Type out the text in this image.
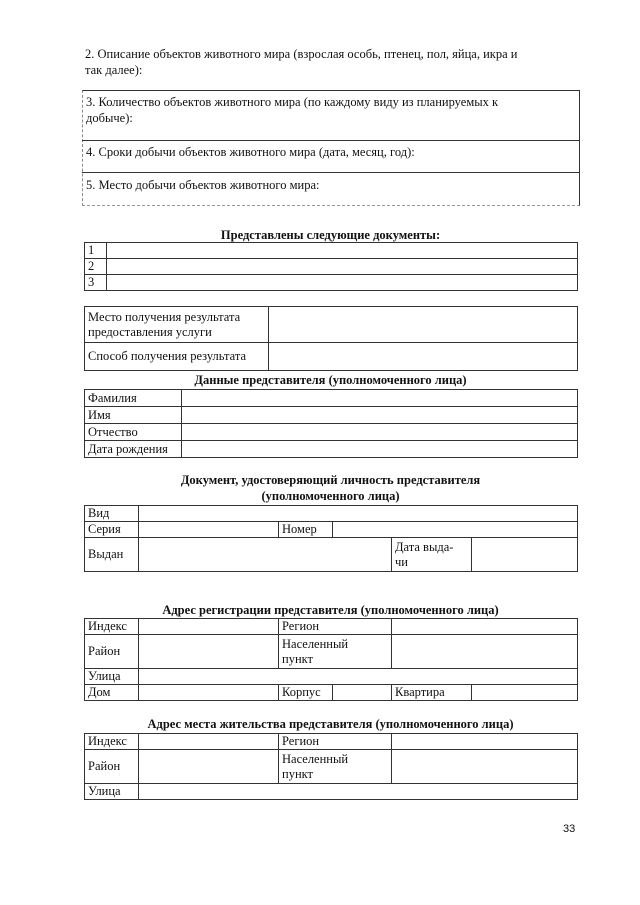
2. Описание объектов животного мира (взрослая особь, птенец, пол, яйца, икра и
так далее):
3. Количество объектов животного мира (по каждому виду из планируемых к
добыче):
4. Сроки добычи объектов животного мира (дата, месяц, год):
5. Место добычи объектов животного мира:
Представлены следующие документы:
1	
2	
3	
Место получения результата
предоставления услуги	

Способ получения результата	
Данные представителя (уполномоченного лица)
Фамилия	
Имя	
Отчество	
Дата рождения	
Документ, удостоверяющий личность представителя
(уполномоченного лица)
Вид					
Серия		Номер			
Выдан				Дата выда-
чи	

Адрес регистрации представителя (уполномоченного лица)
Индекс		Регион			
Район		Населенный
пункт			

Улица					
Дом		Корпус		Квартира	
Адрес места жительства представителя (уполномоченного лица)
Индекс		Регион	
Район		Населенный
пункт	

Улица			
33
